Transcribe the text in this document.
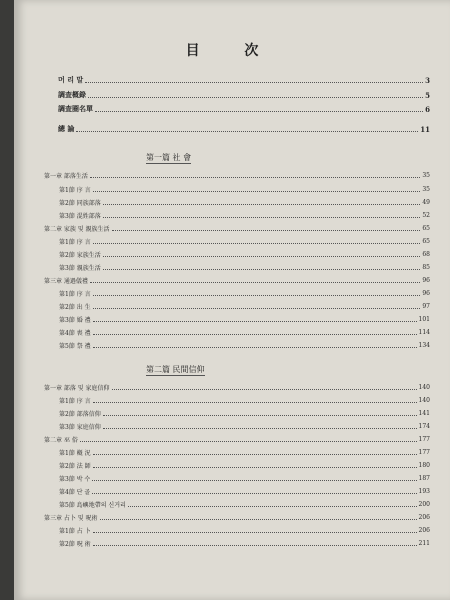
目 次
머 리 말	3
調査概錄	5
調査圈名單	6
總 論	11
第一篇 社 會
第一章 部落生活	35
第1節 序 言	35
第2節 同族部落	49
第3節 混姓部落	52
第二章 家族 및 親族生活	65
第1節 序 言	65
第2節 家族生活	68
第3節 親族生活	85
第三章 通過儀禮	96
第1節 序 言	96
第2節 出 生	97
第3節 婚 禮	101
第4節 喪 禮	114
第5節 祭 禮	134
第二篇 民間信仰
第一章 部落 및 家庭信仰	140
第1節 序 言	140
第2節 部落信仰	141
第3節 家庭信仰	174
第二章 巫 俗	177
第1節 槪 況	177
第2節 法 師	180
第3節 박 수	187
第4節 단 골	193
第5節 島嶼地帶의 신거리	200
第三章 占卜 및 呪術	206
第1節 占 卜	206
第2節 呪 術	211
